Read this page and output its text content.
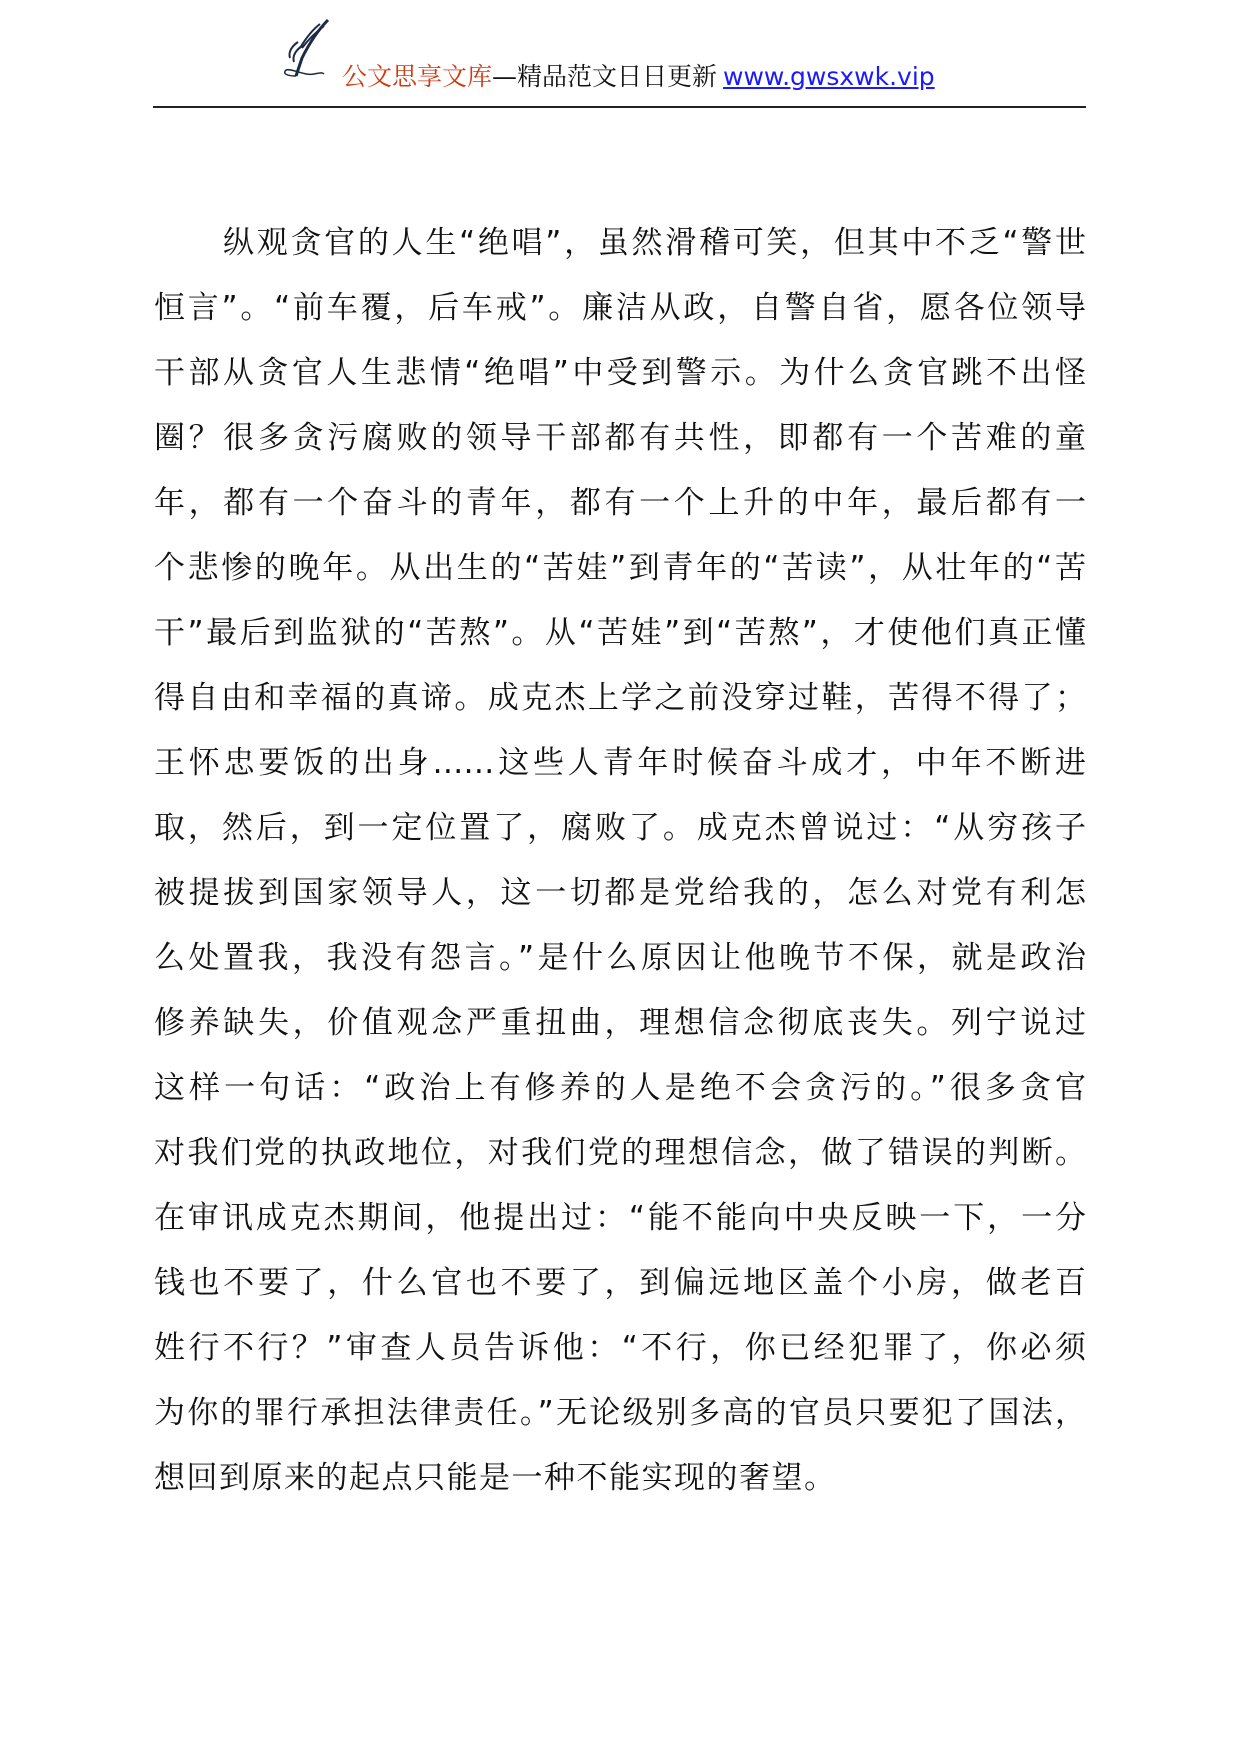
公文思享文库—精品范文日日更新 www.gwsxwk.vip
纵观贪官的人生“绝唱”，虽然滑稽可笑，但其中不乏“警世
恒言”。“前车覆，后车戒”。廉洁从政，自警自省，愿各位领导
干部从贪官人生悲情“绝唱”中受到警示。为什么贪官跳不出怪
圈？很多贪污腐败的领导干部都有共性，即都有一个苦难的童
年，都有一个奋斗的青年，都有一个上升的中年，最后都有一
个悲惨的晚年。从出生的“苦娃”到青年的“苦读”，从壮年的“苦
干”最后到监狱的“苦熬”。从“苦娃”到“苦熬”，才使他们真正懂
得自由和幸福的真谛。成克杰上学之前没穿过鞋，苦得不得了；
王怀忠要饭的出身……这些人青年时候奋斗成才，中年不断进
取，然后，到一定位置了，腐败了。成克杰曾说过：“从穷孩子
被提拔到国家领导人，这一切都是党给我的，怎么对党有利怎
么处置我，我没有怨言。”是什么原因让他晚节不保，就是政治
修养缺失，价值观念严重扭曲，理想信念彻底丧失。列宁说过
这样一句话：“政治上有修养的人是绝不会贪污的。”很多贪官
对我们党的执政地位，对我们党的理想信念，做了错误的判断。
在审讯成克杰期间，他提出过：“能不能向中央反映一下，一分
钱也不要了，什么官也不要了，到偏远地区盖个小房，做老百
姓行不行？”审查人员告诉他：“不行，你已经犯罪了，你必须
为你的罪行承担法律责任。”无论级别多高的官员只要犯了国法，
想回到原来的起点只能是一种不能实现的奢望。
